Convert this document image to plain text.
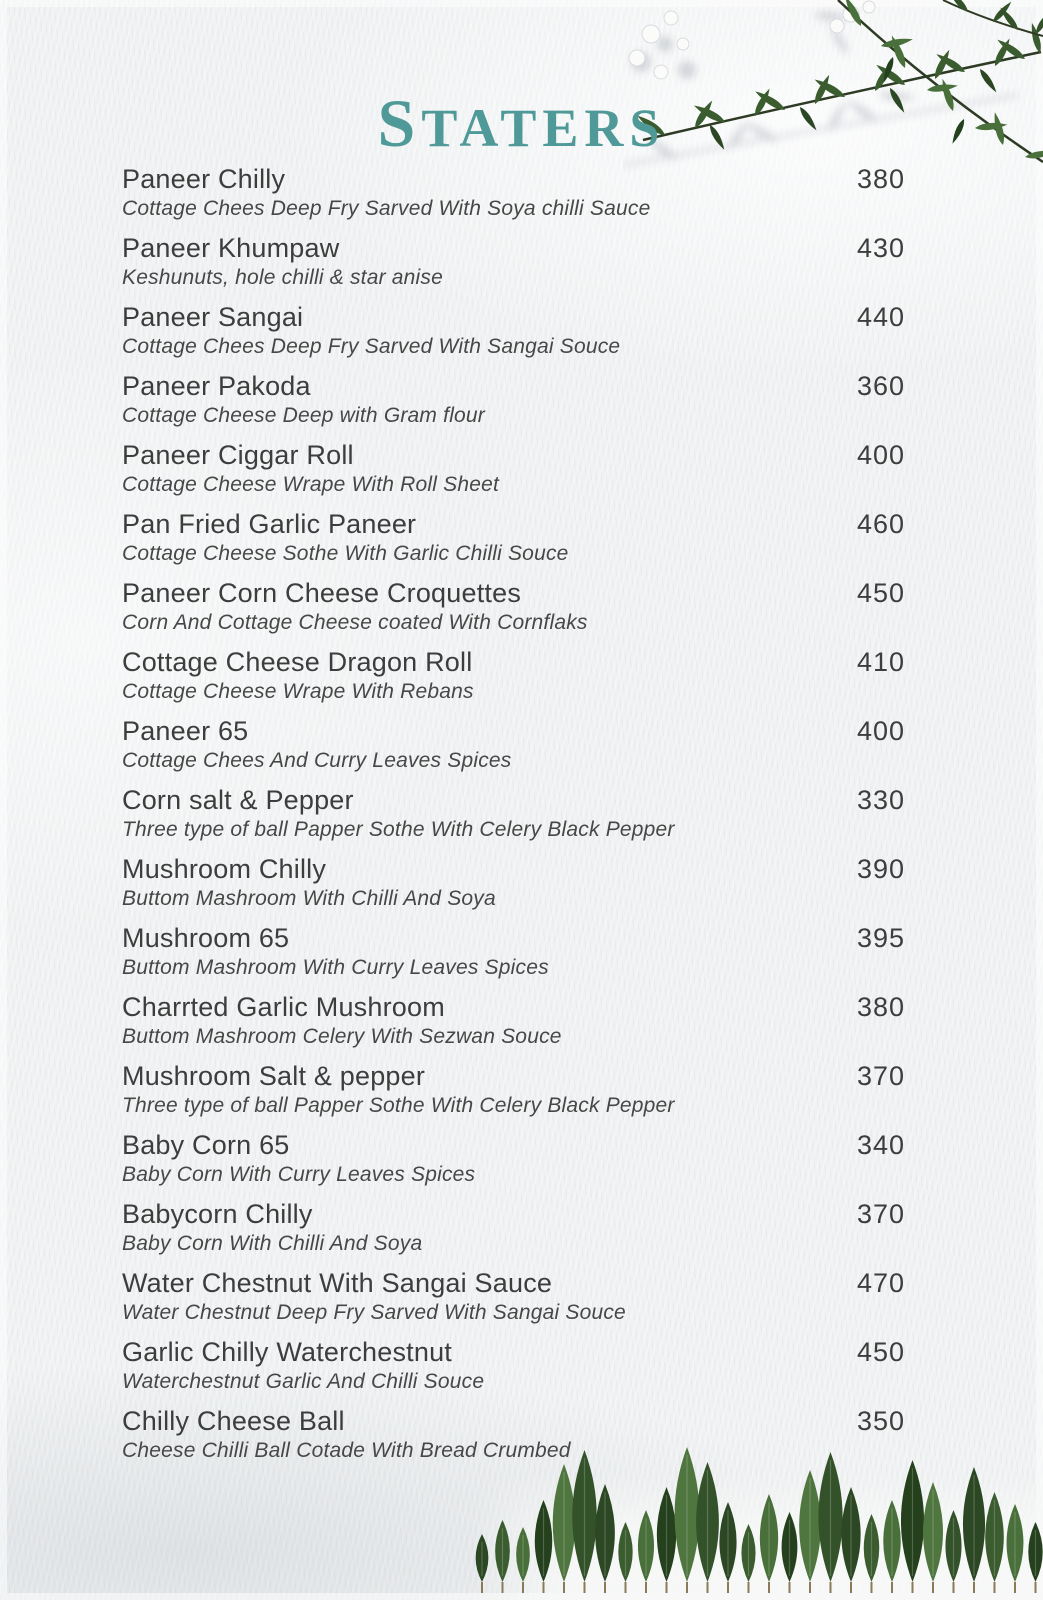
STATERS
Paneer Chilly	380
Cottage Chees Deep Fry Sarved With Soya chilli Sauce
Paneer Khumpaw	430
Keshunuts, hole chilli & star anise
Paneer Sangai	440
Cottage Chees Deep Fry Sarved With Sangai Souce
Paneer Pakoda	360
Cottage Cheese Deep with Gram flour
Paneer Ciggar Roll	400
Cottage Cheese Wrape With Roll Sheet
Pan Fried Garlic Paneer	460
Cottage Cheese Sothe With Garlic Chilli Souce
Paneer Corn Cheese Croquettes	450
Corn And Cottage Cheese coated With Cornflaks
Cottage Cheese Dragon Roll	410
Cottage Cheese Wrape With Rebans
Paneer 65	400
Cottage Chees And Curry Leaves Spices
Corn salt & Pepper	330
Three type of ball Papper Sothe With Celery Black Pepper
Mushroom Chilly	390
Buttom Mashroom With Chilli And Soya
Mushroom 65	395
Buttom Mashroom With Curry Leaves Spices
Charrted Garlic Mushroom	380
Buttom Mashroom Celery With Sezwan Souce
Mushroom Salt & pepper	370
Three type of ball Papper Sothe With Celery Black Pepper
Baby Corn 65	340
Baby Corn With Curry Leaves Spices
Babycorn Chilly	370
Baby Corn With Chilli And Soya
Water Chestnut With Sangai Sauce	470
Water Chestnut Deep Fry Sarved With Sangai Souce
Garlic Chilly Waterchestnut	450
Waterchestnut Garlic And Chilli Souce
Chilly Cheese Ball	350
Cheese Chilli Ball Cotade With Bread Crumbed
